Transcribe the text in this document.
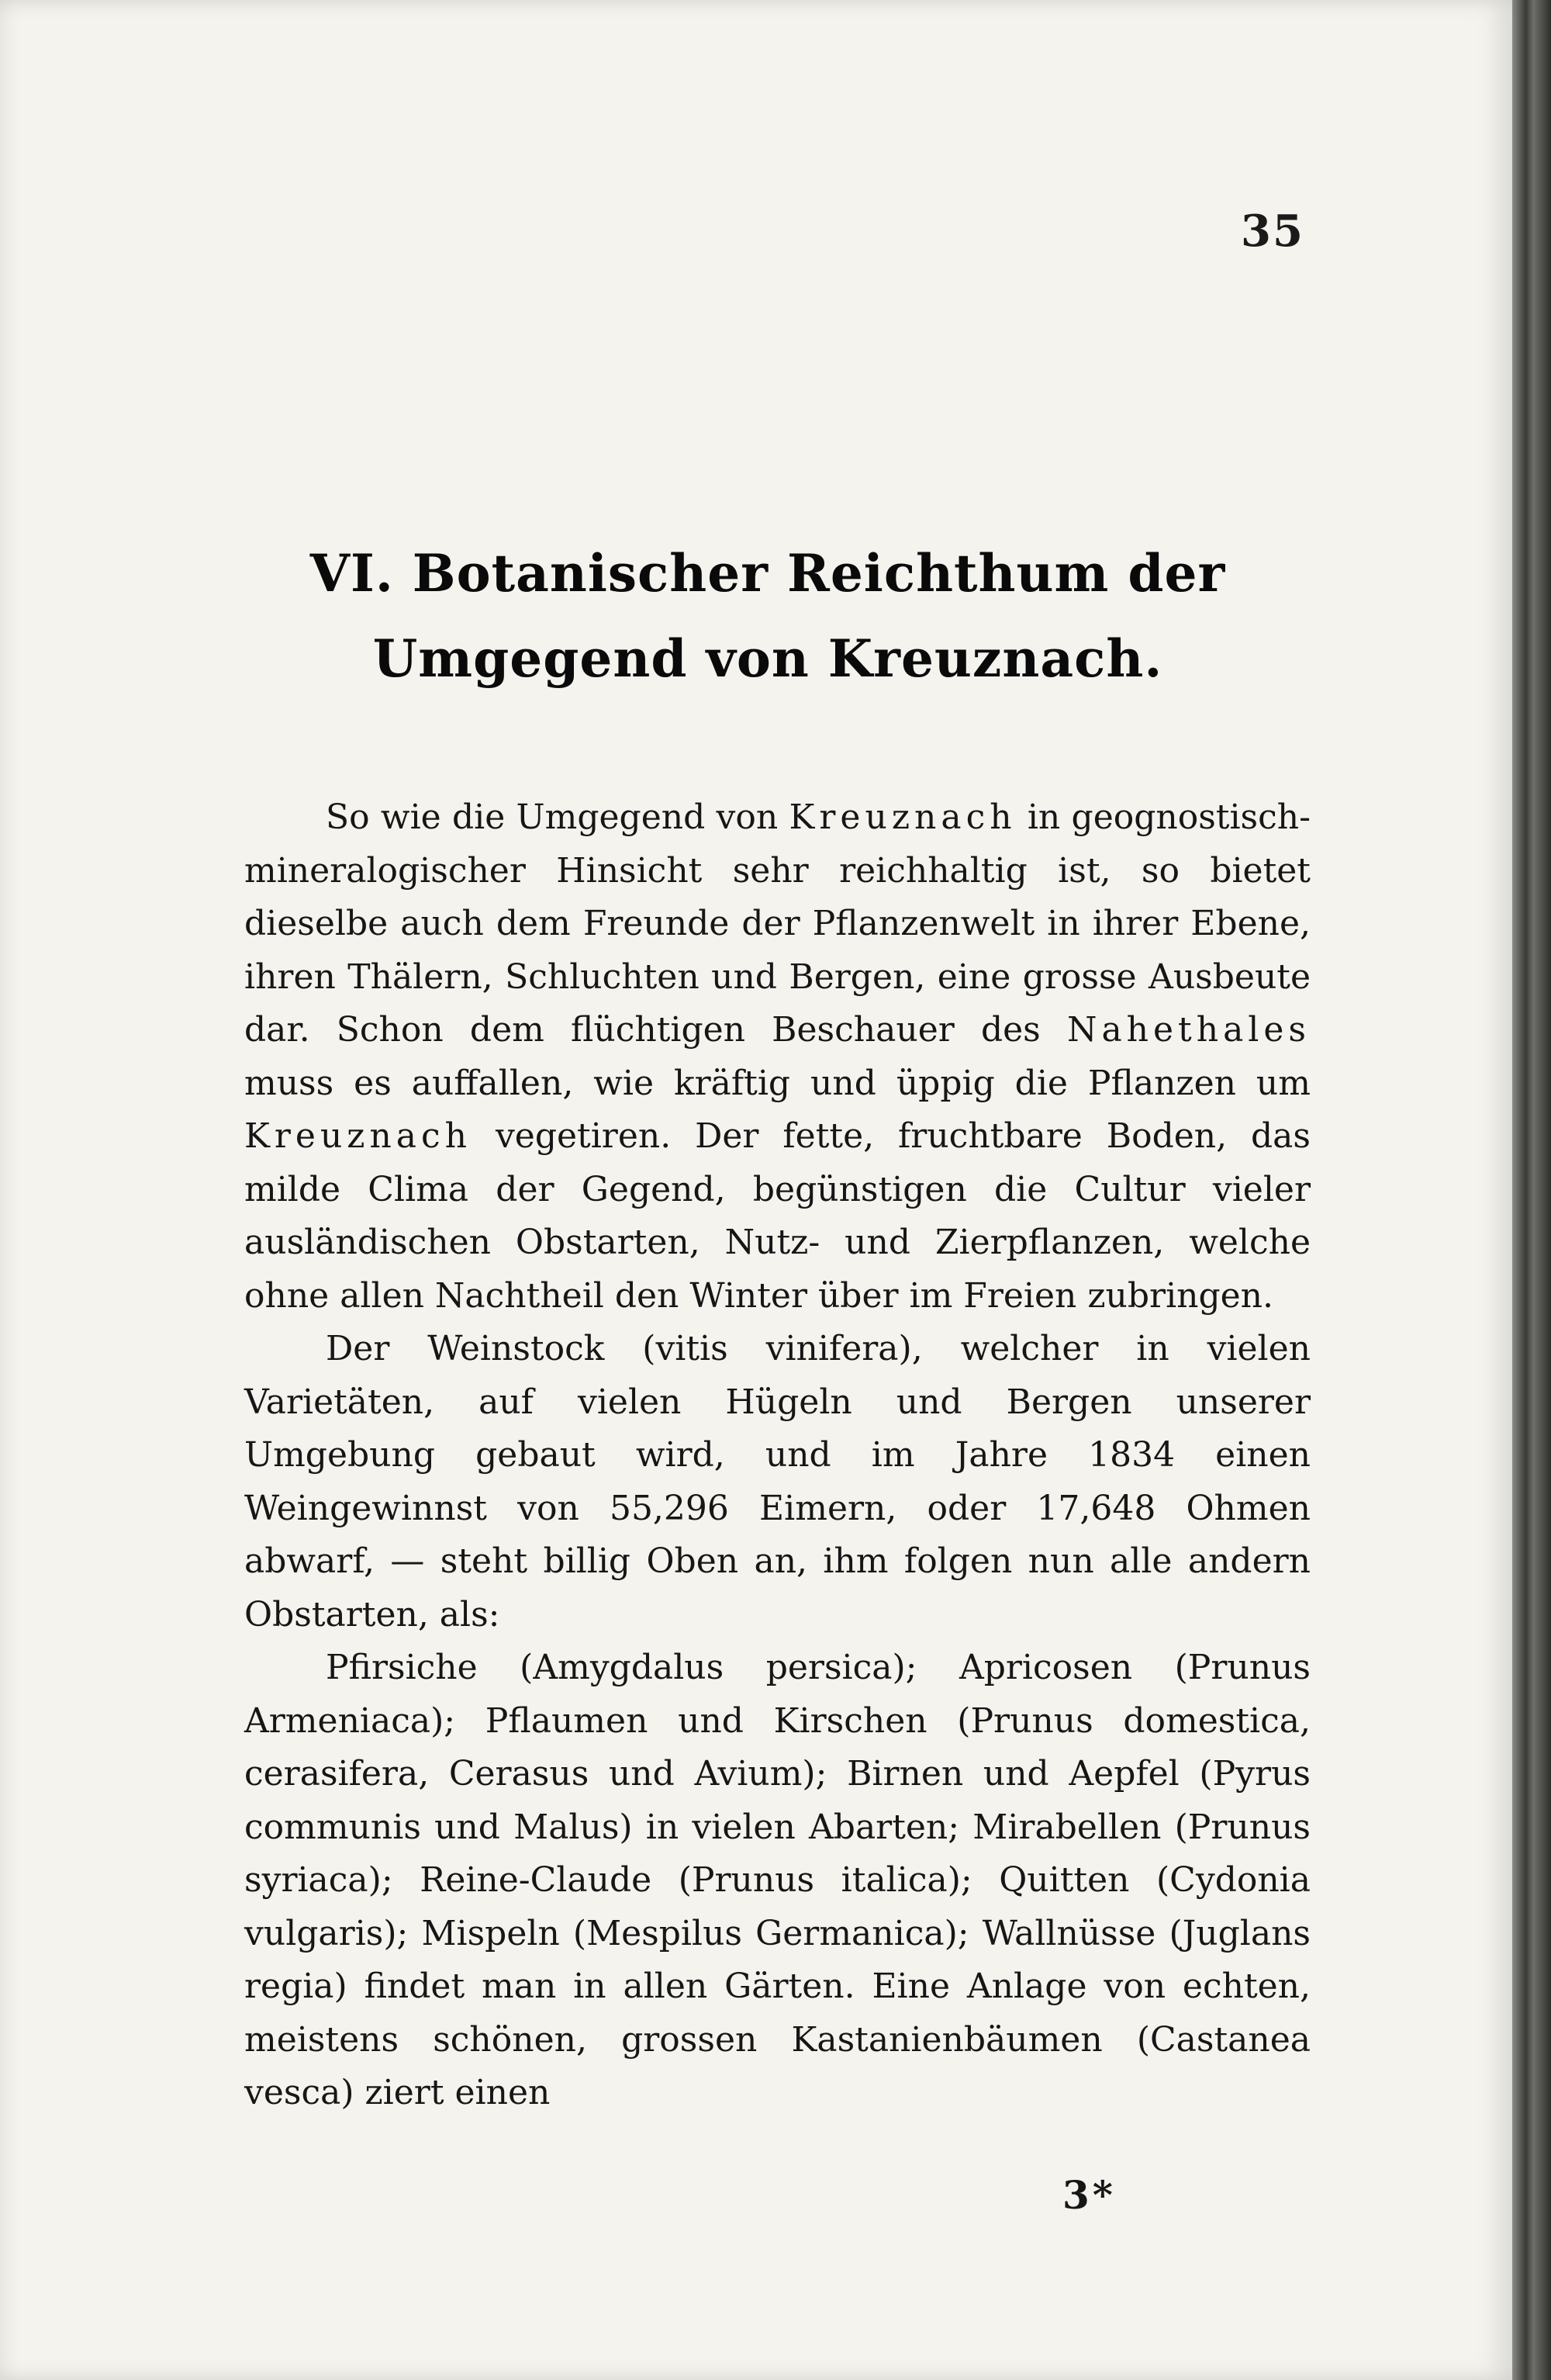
35
VI. Botanischer Reichthum der
Umgegend von Kreuznach.

So wie die Umgegend von Kreuznach in geognostisch-mineralogischer Hinsicht sehr reichhaltig ist, so bietet dieselbe auch dem Freunde der Pflanzenwelt in ihrer Ebene, ihren Thälern, Schluchten und Bergen, eine grosse Ausbeute dar. Schon dem flüchtigen Beschauer des Nahethales muss es auffallen, wie kräftig und üppig die Pflanzen um Kreuznach vegetiren. Der fette, fruchtbare Boden, das milde Clima der Gegend, begünstigen die Cultur vieler ausländischen Obstarten, Nutz- und Zierpflanzen, welche ohne allen Nachtheil den Winter über im Freien zubringen.

Der Weinstock (vitis vinifera), welcher in vielen Varietäten, auf vielen Hügeln und Bergen unserer Umgebung gebaut wird, und im Jahre 1834 einen Weingewinnst von 55,296 Eimern, oder 17,648 Ohmen abwarf, — steht billig Oben an, ihm folgen nun alle andern Obstarten, als:

Pfirsiche (Amygdalus persica); Apricosen (Prunus Armeniaca); Pflaumen und Kirschen (Prunus domestica, cerasifera, Cerasus und Avium); Birnen und Aepfel (Pyrus communis und Malus) in vielen Abarten; Mirabellen (Prunus syriaca); Reine-Claude (Prunus italica); Quitten (Cydonia vulgaris); Mispeln (Mespilus Germanica); Wallnüsse (Juglans regia) findet man in allen Gärten. Eine Anlage von echten, meistens schönen, grossen Kastanienbäumen (Castanea vesca) ziert einen

3*
